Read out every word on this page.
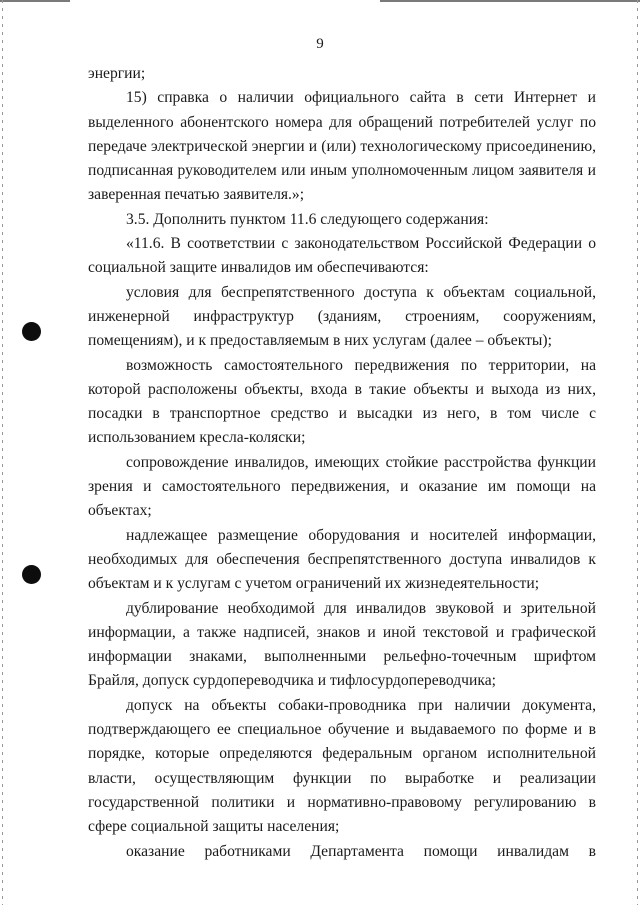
9

энергии;

15) справка о наличии официального сайта в сети Интернет и выделенного абонентского номера для обращений потребителей услуг по передаче электрической энергии и (или) технологическому присоединению, подписанная руководителем или иным уполномоченным лицом заявителя и заверенная печатью заявителя.»;

3.5. Дополнить пунктом 11.6 следующего содержания:

«11.6. В соответствии с законодательством Российской Федерации о социальной защите инвалидов им обеспечиваются:

условия для беспрепятственного доступа к объектам социальной, инженерной инфраструктур (зданиям, строениям, сооружениям, помещениям), и к предоставляемым в них услугам (далее – объекты);

возможность самостоятельного передвижения по территории, на которой расположены объекты, входа в такие объекты и выхода из них, посадки в транспортное средство и высадки из него, в том числе с использованием кресла-коляски;

сопровождение инвалидов, имеющих стойкие расстройства функции зрения и самостоятельного передвижения, и оказание им помощи на объектах;

надлежащее размещение оборудования и носителей информации, необходимых для обеспечения беспрепятственного доступа инвалидов к объектам и к услугам с учетом ограничений их жизнедеятельности;

дублирование необходимой для инвалидов звуковой и зрительной информации, а также надписей, знаков и иной текстовой и графической информации знаками, выполненными рельефно-точечным шрифтом Брайля, допуск сурдопереводчика и тифлосурдопереводчика;

допуск на объекты собаки-проводника при наличии документа, подтверждающего ее специальное обучение и выдаваемого по форме и в порядке, которые определяются федеральным органом исполнительной власти, осуществляющим функции по выработке и реализации государственной политики и нормативно-правовому регулированию в сфере социальной защиты населения;

оказание работниками Департамента помощи инвалидам в
